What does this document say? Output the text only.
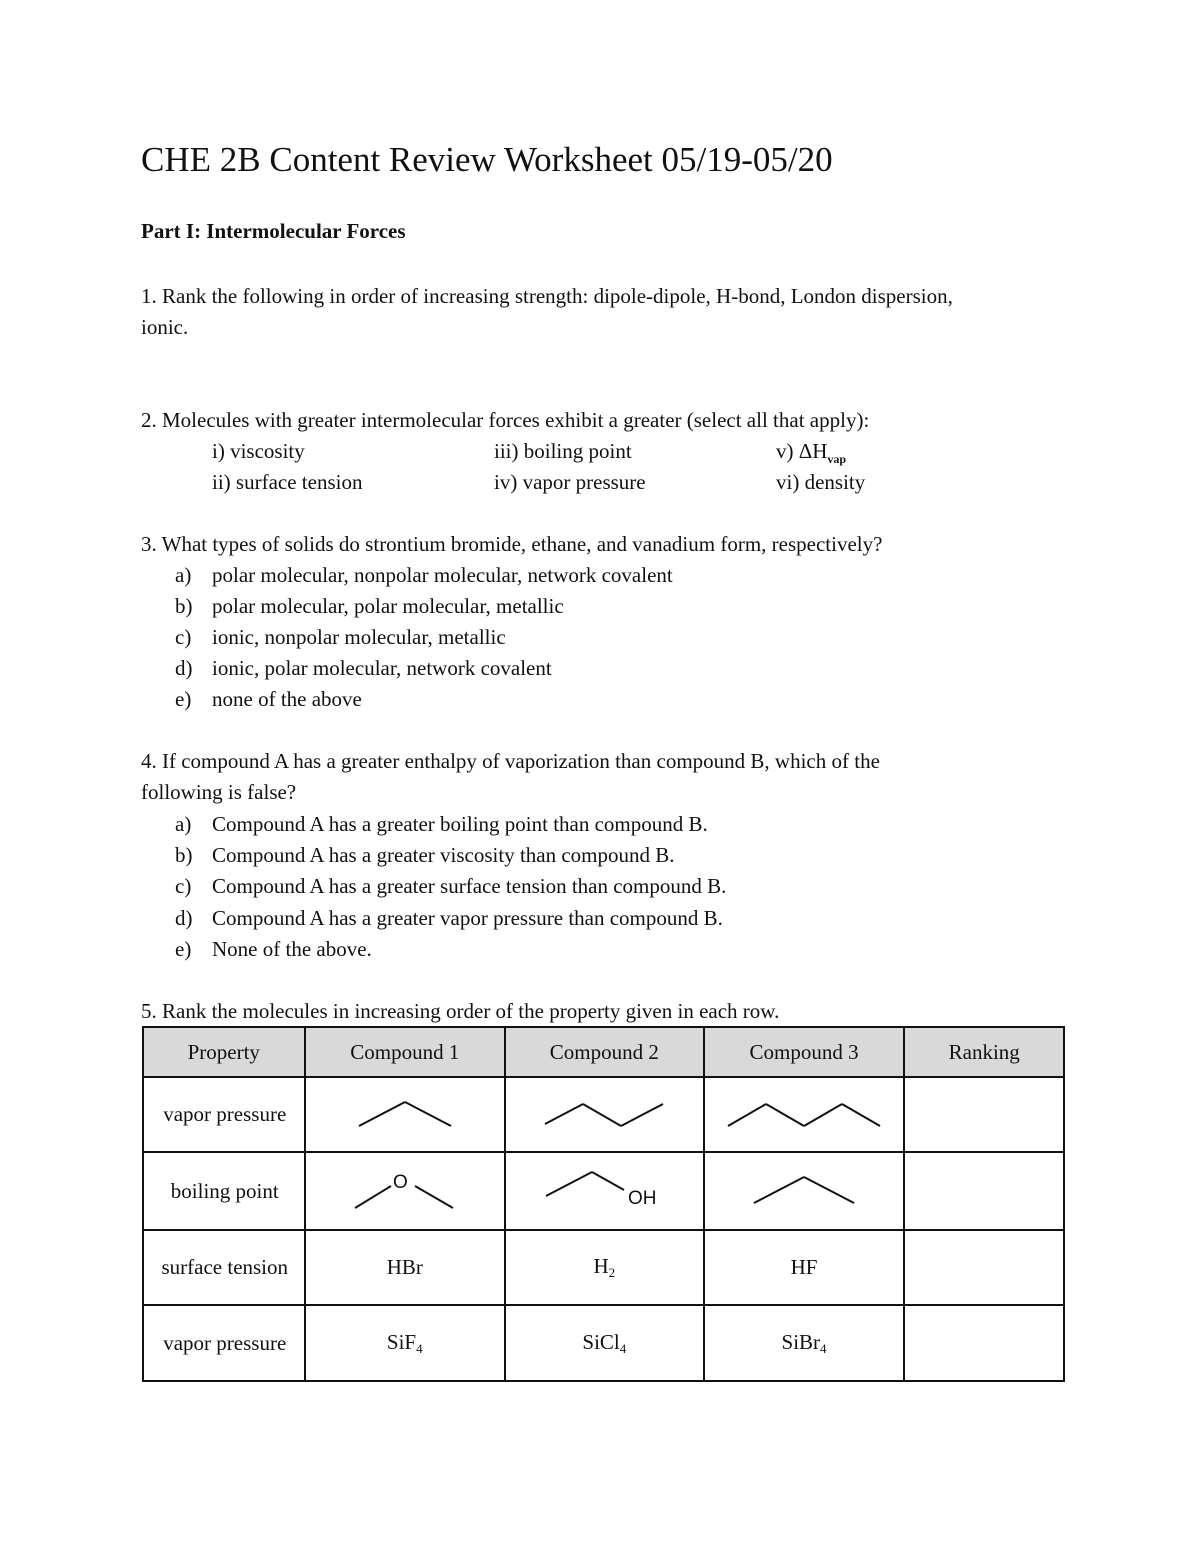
CHE 2B Content Review Worksheet 05/19-05/20
Part I: Intermolecular Forces
1. Rank the following in order of increasing strength: dipole-dipole, H-bond, London dispersion,
ionic.
2. Molecules with greater intermolecular forces exhibit a greater (select all that apply):
i) viscosity
ii) surface tension
iii) boiling point
iv) vapor pressure
v) $\Delta H_{vap}$
vi) density
3. What types of solids do strontium bromide, ethane, and vanadium form, respectively?
a) polar molecular, nonpolar molecular, network covalent
b) polar molecular, polar molecular, metallic
c) ionic, nonpolar molecular, metallic
d) ionic, polar molecular, network covalent
e) none of the above
4. If compound A has a greater enthalpy of vaporization than compound B, which of the
following is false?
a) Compound A has a greater boiling point than compound B.
b) Compound A has a greater viscosity than compound B.
c) Compound A has a greater surface tension than compound B.
d) Compound A has a greater vapor pressure than compound B.
e) None of the above.
5. Rank the molecules in increasing order of the property given in each row.
Property	Compound 1	Compound 2	Compound 3	Ranking
vapor pressure	

boiling point	O	OH

surface tension	HBr	$H_2$	HF	
vapor pressure	SiF$_4$	SiCl$_4$	SiBr$_4$	
